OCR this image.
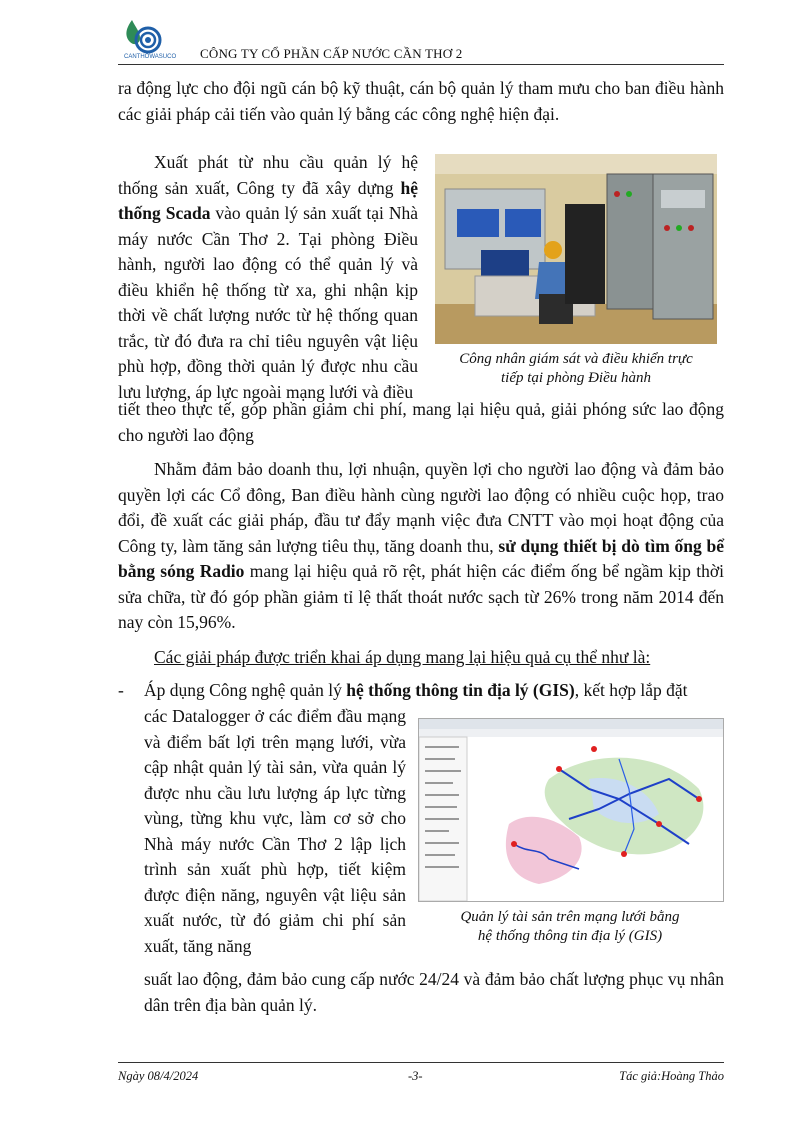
CANTHOWASUCO CÔNG TY CỔ PHẦN CẤP NƯỚC CẦN THƠ 2

ra động lực cho đội ngũ cán bộ kỹ thuật, cán bộ quản lý tham mưu cho ban điều hành các giải pháp cải tiến vào quản lý bằng các công nghệ hiện đại.

Xuất phát từ nhu cầu quản lý hệ thống sản xuất, Công ty đã xây dựng hệ thống Scada vào quản lý sản xuất tại Nhà máy nước Cần Thơ 2. Tại phòng Điều hành, người lao động có thể quản lý và điều khiển hệ thống từ xa, ghi nhận kịp thời về chất lượng nước từ hệ thống quan trắc, từ đó đưa ra chỉ tiêu nguyên vật liệu phù hợp, đồng thời quản lý được nhu cầu lưu lượng, áp lực ngoài mạng lưới và điều

Công nhân giám sát và điều khiển trực
tiếp tại phòng Điều hành

tiết theo thực tế, góp phần giảm chi phí, mang lại hiệu quả, giải phóng sức lao động cho người lao động

Nhằm đảm bảo doanh thu, lợi nhuận, quyền lợi cho người lao động và đảm bảo quyền lợi các Cổ đông, Ban điều hành cùng người lao động có nhiều cuộc họp, trao đổi, đề xuất các giải pháp, đầu tư đẩy mạnh việc đưa CNTT vào mọi hoạt động của Công ty, làm tăng sản lượng tiêu thụ, tăng doanh thu, sử dụng thiết bị dò tìm ống bể bằng sóng Radio mang lại hiệu quả rõ rệt, phát hiện các điểm ống bể ngầm kịp thời sửa chữa, từ đó góp phần giảm tỉ lệ thất thoát nước sạch từ 26% trong năm 2014 đến nay còn 15,96%.

Các giải pháp được triển khai áp dụng mang lại hiệu quả cụ thể như là:

- Áp dụng Công nghệ quản lý hệ thống thông tin địa lý (GIS), kết hợp lắp đặt

các Datalogger ở các điểm đầu mạng và điểm bất lợi trên mạng lưới, vừa cập nhật quản lý tài sản, vừa quản lý được nhu cầu lưu lượng áp lực từng vùng, từng khu vực, làm cơ sở cho Nhà máy nước Cần Thơ 2 lập lịch trình sản xuất phù hợp, tiết kiệm được điện năng, nguyên vật liệu sản xuất nước, từ đó giảm chi phí sản xuất, tăng năng

Quản lý tài sản trên mạng lưới bằng
hệ thống thông tin địa lý (GIS)

suất lao động, đảm bảo cung cấp nước 24/24 và đảm bảo chất lượng phục vụ nhân dân trên địa bàn quản lý.

Ngày 08/4/2024	-3-	Tác giả:Hoàng Thảo
